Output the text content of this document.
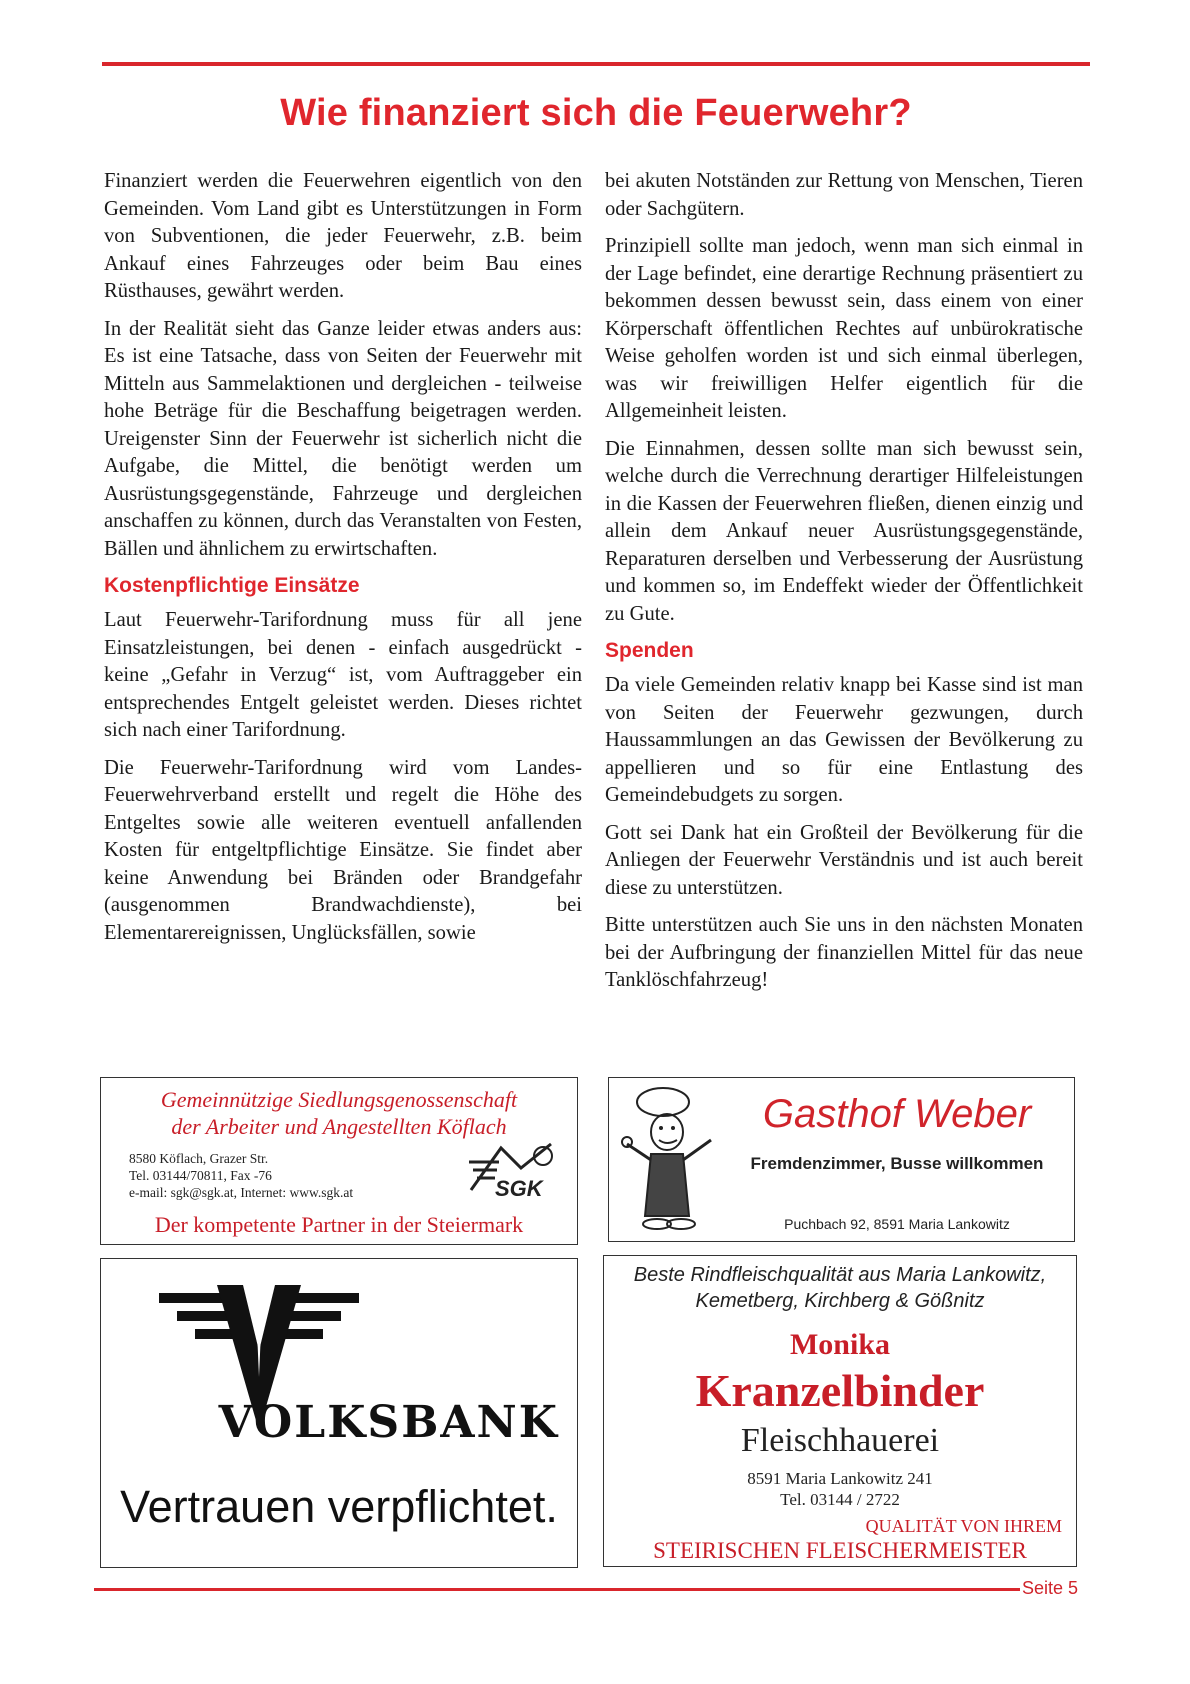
Wie finanziert sich die Feuerwehr?

Finanziert werden die Feuerwehren eigentlich von den Gemeinden. Vom Land gibt es Unterstützungen in Form von Subventionen, die jeder Feuerwehr, z.B. beim Ankauf eines Fahrzeuges oder beim Bau eines Rüsthauses, gewährt werden.

In der Realität sieht das Ganze leider etwas anders aus: Es ist eine Tatsache, dass von Seiten der Feuerwehr mit Mitteln aus Sammelaktionen und dergleichen - teilweise hohe Beträge für die Beschaffung beigetragen werden. Ureigenster Sinn der Feuerwehr ist sicherlich nicht die Aufgabe, die Mittel, die benötigt werden um Ausrüstungsgegenstände, Fahrzeuge und dergleichen anschaffen zu können, durch das Veranstalten von Festen, Bällen und ähnlichem zu erwirtschaften.

Kostenpflichtige Einsätze

Laut Feuerwehr-Tarifordnung muss für all jene Einsatzleistungen, bei denen - einfach ausgedrückt - keine „Gefahr in Verzug“ ist, vom Auftraggeber ein entsprechendes Entgelt geleistet werden. Dieses richtet sich nach einer Tarifordnung.

Die Feuerwehr-Tarifordnung wird vom Landes-Feuerwehrverband erstellt und regelt die Höhe des Entgeltes sowie alle weiteren eventuell anfallenden Kosten für entgeltpflichtige Einsätze. Sie findet aber keine Anwendung bei Bränden oder Brandgefahr (ausgenommen Brandwachdienste), bei Elementarereignissen, Unglücksfällen, sowie

bei akuten Notständen zur Rettung von Menschen, Tieren oder Sachgütern.

Prinzipiell sollte man jedoch, wenn man sich einmal in der Lage befindet, eine derartige Rechnung präsentiert zu bekommen dessen bewusst sein, dass einem von einer Körperschaft öffentlichen Rechtes auf unbürokratische Weise geholfen worden ist und sich einmal überlegen, was wir freiwilligen Helfer eigentlich für die Allgemeinheit leisten.

Die Einnahmen, dessen sollte man sich bewusst sein, welche durch die Verrechnung derartiger Hilfeleistungen in die Kassen der Feuerwehren fließen, dienen einzig und allein dem Ankauf neuer Ausrüstungsgegenstände, Reparaturen derselben und Verbesserung der Ausrüstung und kommen so, im Endeffekt wieder der Öffentlichkeit zu Gute.

Spenden

Da viele Gemeinden relativ knapp bei Kasse sind ist man von Seiten der Feuerwehr gezwungen, durch Haussammlungen an das Gewissen der Bevölkerung zu appellieren und so für eine Entlastung des Gemeindebudgets zu sorgen.

Gott sei Dank hat ein Großteil der Bevölkerung für die Anliegen der Feuerwehr Verständnis und ist auch bereit diese zu unterstützen.

Bitte unterstützen auch Sie uns in den nächsten Monaten bei der Aufbringung der finanziellen Mittel für das neue Tanklöschfahrzeug!

Gemeinnützige Siedlungsgenossenschaft
der Arbeiter und Angestellten Köflach
8580 Köflach, Grazer Str.
Tel. 03144/70811, Fax -76
e-mail: sgk@sgk.at, Internet: www.sgk.at	SGK
Der kompetente Partner in der Steiermark
Gasthof Weber
Fremdenzimmer, Busse willkommen
Puchbach 92, 8591 Maria Lankowitz
VOLKSBANK
Vertrauen verpflichtet.
Beste Rindfleischqualität aus Maria Lankowitz,
Kemetberg, Kirchberg & Gößnitz
Monika
Kranzelbinder
Fleischhauerei
8591 Maria Lankowitz 241
Tel. 03144 / 2722
QUALITÄT VON IHREM
STEIRISCHEN FLEISCHERMEISTER
Seite 5
